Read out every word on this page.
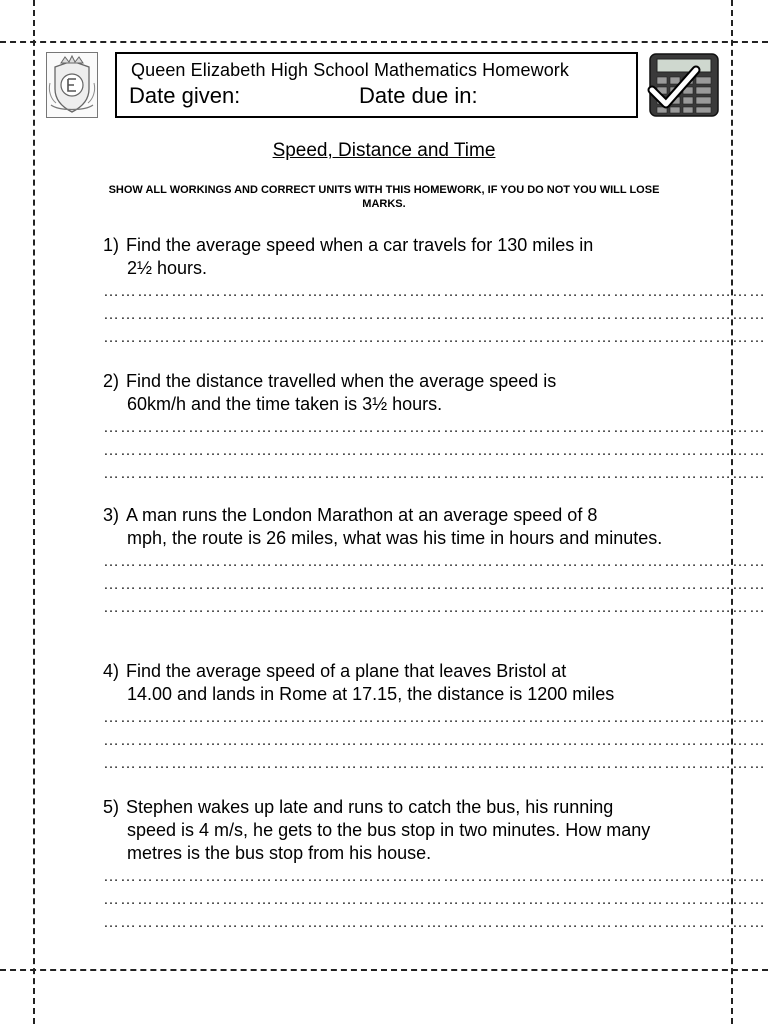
Queen Elizabeth High School Mathematics Homework
Date given:	Date due in:
Speed, Distance and Time
SHOW ALL WORKINGS AND CORRECT UNITS WITH THIS HOMEWORK, IF YOU DO NOT YOU WILL LOSE MARKS.
1) Find the average speed when a car travels for 130 miles in
2½ hours.
………………………………………………………………………………………………………
………………………………………………………………………………………………………
………………………………………………………………………………………………………
2) Find the distance travelled when the average speed is
60km/h and the time taken is 3½ hours.
………………………………………………………………………………………………………
………………………………………………………………………………………………………
………………………………………………………………………………………………………
3) A man runs the London Marathon at an average speed of 8
mph, the route is 26 miles, what was his time in hours and minutes.
………………………………………………………………………………………………………
………………………………………………………………………………………………………
………………………………………………………………………………………………………
4) Find the average speed of a plane that leaves Bristol at
14.00 and lands in Rome at 17.15, the distance is 1200 miles
………………………………………………………………………………………………………
………………………………………………………………………………………………………
………………………………………………………………………………………………………
5) Stephen wakes up late and runs to catch the bus, his running
speed is 4 m/s, he gets to the bus stop in two minutes. How many metres is the bus stop from his house.
………………………………………………………………………………………………………
………………………………………………………………………………………………………
………………………………………………………………………………………………………
